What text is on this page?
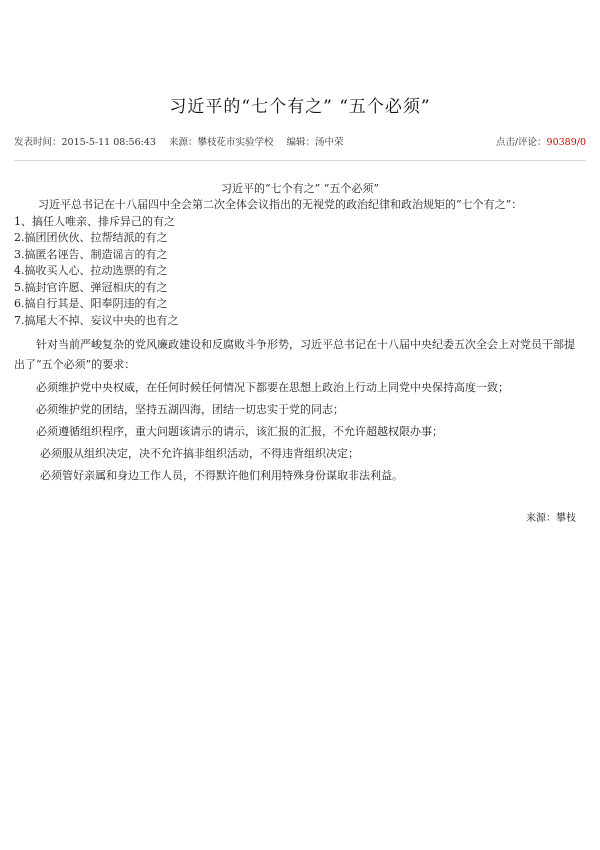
习近平的“七个有之” “五个必须”
发表时间：2015-5-11 08:56:43 来源：攀枝花市实验学校 编辑：汤中荣	点击/评论：90389/0
习近平的“七个有之” “五个必须”
习近平总书记在十八届四中全会第二次全体会议指出的无视党的政治纪律和政治规矩的“七个有之”：
1、搞任人唯亲、排斥异己的有之
2.搞团团伙伙、拉帮结派的有之
3.搞匿名诬告、制造谣言的有之
4.搞收买人心、拉动选票的有之
5.搞封官许愿、弹冠相庆的有之
6.搞自行其是、阳奉阴违的有之
7.搞尾大不掉、妄议中央的也有之
针对当前严峻复杂的党风廉政建设和反腐败斗争形势，习近平总书记在十八届中央纪委五次全会上对党员干部提出了“五个必须”的要求：
必须维护党中央权威，在任何时候任何情况下都要在思想上政治上行动上同党中央保持高度一致；
必须维护党的团结，坚持五湖四海，团结一切忠实于党的同志；
必须遵循组织程序，重大问题该请示的请示，该汇报的汇报，不允许超越权限办事；
必须服从组织决定，决不允许搞非组织活动，不得违背组织决定；
必须管好亲属和身边工作人员，不得默许他们利用特殊身份谋取非法利益。
来源：攀枝
